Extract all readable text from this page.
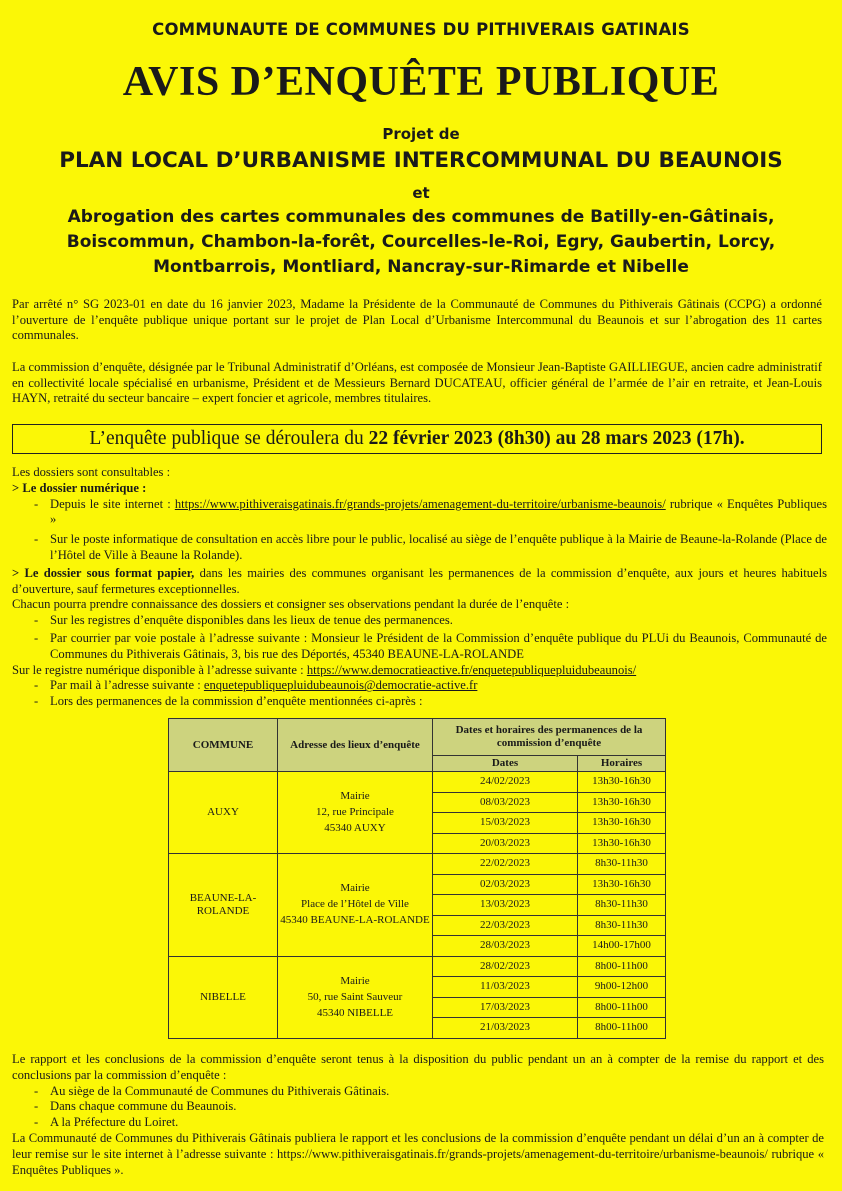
COMMUNAUTE DE COMMUNES DU PITHIVERAIS GATINAIS
AVIS D’ENQUÊTE PUBLIQUE
Projet de
PLAN LOCAL D’URBANISME INTERCOMMUNAL DU BEAUNOIS
et
Abrogation des cartes communales des communes de Batilly-en-Gâtinais, Boiscommun, Chambon-la-forêt, Courcelles-le-Roi, Egry, Gaubertin, Lorcy, Montbarrois, Montliard, Nancray-sur-Rimarde et Nibelle
Par arrêté n° SG 2023-01 en date du 16 janvier 2023, Madame la Présidente de la Communauté de Communes du Pithiverais Gâtinais (CCPG) a ordonné l’ouverture de l’enquête publique unique portant sur le projet de Plan Local d’Urbanisme Intercommunal du Beaunois et sur l’abrogation des 11 cartes communales.
La commission d’enquête, désignée par le Tribunal Administratif d’Orléans, est composée de Monsieur Jean-Baptiste GAILLIEGUE, ancien cadre administratif en collectivité locale spécialisé en urbanisme, Président et de Messieurs Bernard DUCATEAU, officier général de l’armée de l’air en retraite, et Jean-Louis HAYN, retraité du secteur bancaire – expert foncier et agricole, membres titulaires.
L’enquête publique se déroulera du 22 février 2023 (8h30) au 28 mars 2023 (17h).
Les dossiers sont consultables :
> Le dossier numérique :
- Depuis le site internet : https://www.pithiveraisgatinais.fr/grands-projets/amenagement-du-territoire/urbanisme-beaunois/ rubrique « Enquêtes Publiques »
- Sur le poste informatique de consultation en accès libre pour le public, localisé au siège de l’enquête publique à la Mairie de Beaune-la-Rolande (Place de l’Hôtel de Ville à Beaune la Rolande).
> Le dossier sous format papier, dans les mairies des communes organisant les permanences de la commission d’enquête, aux jours et heures habituels d’ouverture, sauf fermetures exceptionnelles.
Chacun pourra prendre connaissance des dossiers et consigner ses observations pendant la durée de l’enquête :
- Sur les registres d’enquête disponibles dans les lieux de tenue des permanences.
- Par courrier par voie postale à l’adresse suivante : Monsieur le Président de la Commission d’enquête publique du PLUi du Beaunois, Communauté de Communes du Pithiverais Gâtinais, 3, bis rue des Déportés, 45340 BEAUNE-LA-ROLANDE
Sur le registre numérique disponible à l’adresse suivante : https://www.democratieactive.fr/enquetepubliquepluidubeaunois/
- Par mail à l’adresse suivante : enquetepubliquepluidubeaunois@democratie-active.fr
- Lors des permanences de la commission d’enquête mentionnées ci-après :
COMMUNE	Adresse des lieux d’enquête	Dates et horaires des permanences de la commission d’enquête	
		Dates	Horaires
AUXY	Mairie
12, rue Principale
45340 AUXY	24/02/2023	13h30-16h30
		08/03/2023	13h30-16h30
		15/03/2023	13h30-16h30
		20/03/2023	13h30-16h30
BEAUNE-LA-ROLANDE	Mairie
Place de l’Hôtel de Ville
45340 BEAUNE-LA-ROLANDE	22/02/2023	8h30-11h30
		02/03/2023	13h30-16h30
		13/03/2023	8h30-11h30
		22/03/2023	8h30-11h30
		28/03/2023	14h00-17h00
NIBELLE	Mairie
50, rue Saint Sauveur
45340 NIBELLE	28/02/2023	8h00-11h00
		11/03/2023	9h00-12h00
		17/03/2023	8h00-11h00
		21/03/2023	8h00-11h00
Le rapport et les conclusions de la commission d’enquête seront tenus à la disposition du public pendant un an à compter de la remise du rapport et des conclusions par la commission d’enquête :
- Au siège de la Communauté de Communes du Pithiverais Gâtinais.
- Dans chaque commune du Beaunois.
- A la Préfecture du Loiret.
La Communauté de Communes du Pithiverais Gâtinais publiera le rapport et les conclusions de la commission d’enquête pendant un délai d’un an à compter de leur remise sur le site internet à l’adresse suivante : https://www.pithiveraisgatinais.fr/grands-projets/amenagement-du-territoire/urbanisme-beaunois/ rubrique « Enquêtes Publiques ».
